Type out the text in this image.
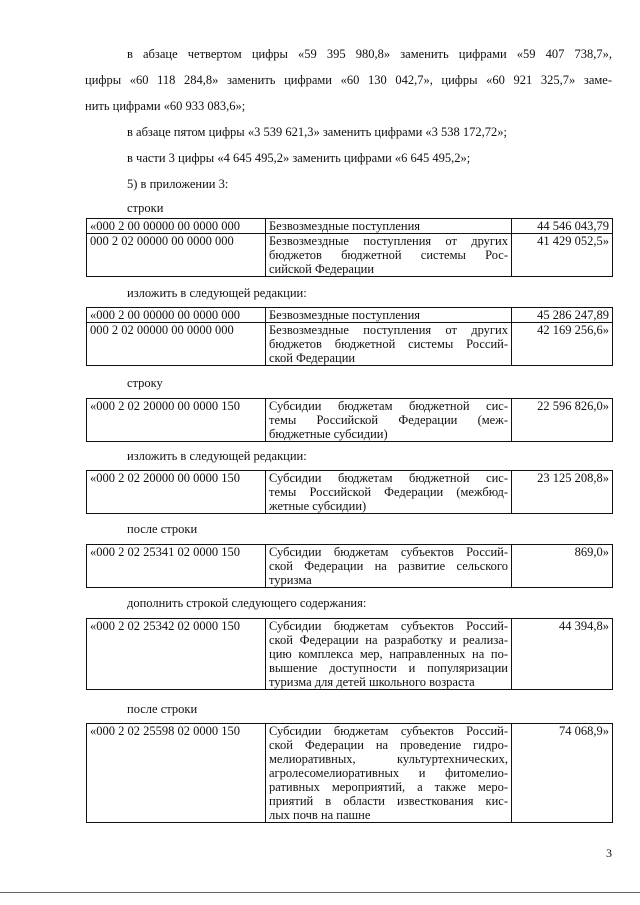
в абзаце четвертом цифры «59 395 980,8» заменить цифрами «59 407 738,7»,
цифры «60 118 284,8» заменить цифрами «60 130 042,7», цифры «60 921 325,7» заме-
нить цифрами «60 933 083,6»;
в абзаце пятом цифры «3 539 621,3» заменить цифрами «3 538 172,72»;
в части 3 цифры «4 645 495,2» заменить цифрами «6 645 495,2»;
5) в приложении 3:
строки
«000 2 00 00000 00 0000 000	Безвозмездные поступления	44 546 043,79
000 2 02 00000 00 0000 000	Безвозмездные поступления от других
бюджетов бюджетной системы Рос-
сийской Федерации	41 429 052,5»
изложить в следующей редакции:
«000 2 00 00000 00 0000 000	Безвозмездные поступления	45 286 247,89
000 2 02 00000 00 0000 000	Безвозмездные поступления от других
бюджетов бюджетной системы Россий-
ской Федерации	42 169 256,6»
строку
«000 2 02 20000 00 0000 150	Субсидии бюджетам бюджетной сис-
темы Российской Федерации (меж-
бюджетные субсидии)
	22 596 826,0»
изложить в следующей редакции:
«000 2 02 20000 00 0000 150	Субсидии бюджетам бюджетной сис-
темы Российской Федерации (межбюд-
жетные субсидии)
	23 125 208,8»
после строки
«000 2 02 25341 02 0000 150	Субсидии бюджетам субъектов Россий-
ской Федерации на развитие сельского
туризма
	869,0»
дополнить строкой следующего содержания:
«000 2 02 25342 02 0000 150	Субсидии бюджетам субъектов Россий-
ской Федерации на разработку и реализа-
цию комплекса мер, направленных на по-
вышение доступности и популяризации
туризма для детей школьного возраста
	44 394,8»
после строки
«000 2 02 25598 02 0000 150	Субсидии бюджетам субъектов Россий-
ской Федерации на проведение гидро-
мелиоративных, культуртехнических,
агролесомелиоративных и фитомелио-
ративных мероприятий, а также меро-
приятий в области известкования кис-
лых почв на пашне
	74 068,9»
3
